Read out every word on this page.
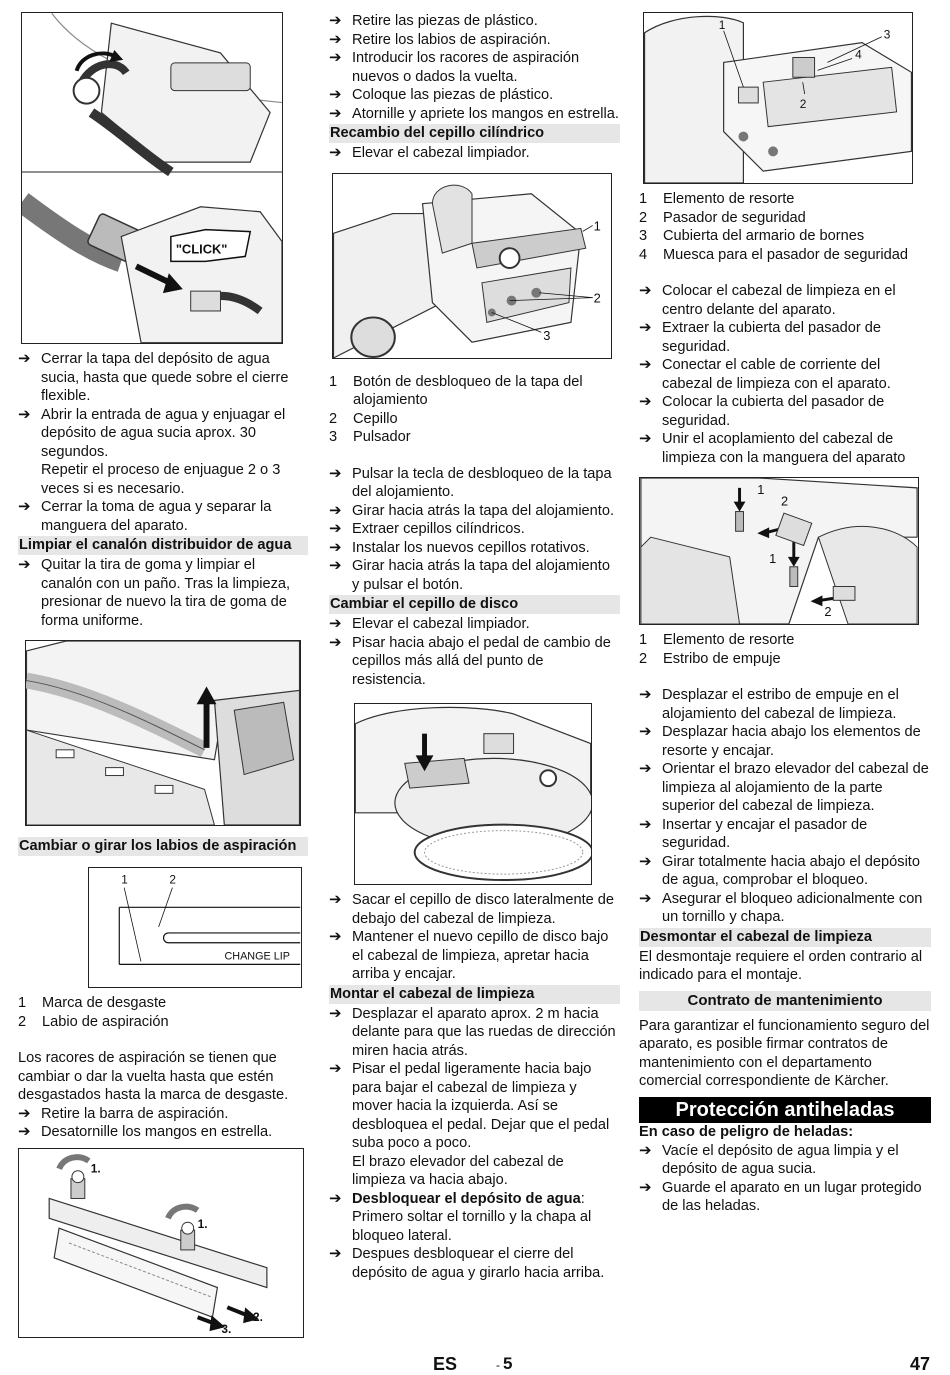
"CLICK"
➔ Cerrar la tapa del depósito de agua sucia, hasta que quede sobre el cierre flexible.
➔ Abrir la entrada de agua y enjuagar el depósito de agua sucia aprox. 30 segundos.
Repetir el proceso de enjuague 2 o 3 veces si es necesario.
➔ Cerrar la toma de agua y separar la manguera del aparato.
Limpiar el canalón distribuidor de agua
➔ Quitar la tira de goma y limpiar el canalón con un paño. Tras la limpieza, presionar de nuevo la tira de goma de forma uniforme.
Cambiar o girar los labios de aspiración
1	2
CHANGE LIP
1 Marca de desgaste
2 Labio de aspiración
Los racores de aspiración se tienen que cambiar o dar la vuelta hasta que estén desgastados hasta la marca de desgaste.
➔ Retire la barra de aspiración.
➔ Desatornille los mangos en estrella.
1.
1.
2.
3.
➔ Retire las piezas de plástico.
➔ Retire los labios de aspiración.
➔ Introducir los racores de aspiración nuevos o dados la vuelta.
➔ Coloque las piezas de plástico.
➔ Atornille y apriete los mangos en estrella.
Recambio del cepillo cilíndrico
➔ Elevar el cabezal limpiador.
1
2
3
1 Botón de desbloqueo de la tapa del alojamiento
2 Cepillo
3 Pulsador
➔ Pulsar la tecla de desbloqueo de la tapa del alojamiento.
➔ Girar hacia atrás la tapa del alojamiento.
➔ Extraer cepillos cilíndricos.
➔ Instalar los nuevos cepillos rotativos.
➔ Girar hacia atrás la tapa del alojamiento y pulsar el botón.
Cambiar el cepillo de disco
➔ Elevar el cabezal limpiador.
➔ Pisar hacia abajo el pedal de cambio de cepillos más allá del punto de resistencia.
➔ Sacar el cepillo de disco lateralmente de debajo del cabezal de limpieza.
➔ Mantener el nuevo cepillo de disco bajo el cabezal de limpieza, apretar hacia arriba y encajar.
Montar el cabezal de limpieza
➔ Desplazar el aparato aprox. 2 m hacia delante para que las ruedas de dirección miren hacia atrás.
➔ Pisar el pedal ligeramente hacia bajo para bajar el cabezal de limpieza y mover hacia la izquierda. Así se desbloquea el pedal. Dejar que el pedal suba poco a poco.
El brazo elevador del cabezal de limpieza va hacia abajo.
➔ Desbloquear el depósito de agua: Primero soltar el tornillo y la chapa al bloqueo lateral.
➔ Despues desbloquear el cierre del depósito de agua y girarlo hacia arriba.
1
3
4
2
1 Elemento de resorte
2 Pasador de seguridad
3 Cubierta del armario de bornes
4 Muesca para el pasador de seguridad
➔ Colocar el cabezal de limpieza en el centro delante del aparato.
➔ Extraer la cubierta del pasador de seguridad.
➔ Conectar el cable de corriente del cabezal de limpieza con el aparato.
➔ Colocar la cubierta del pasador de seguridad.
➔ Unir el acoplamiento del cabezal de limpieza con la manguera del aparato
1
2
1
2
1 Elemento de resorte
2 Estribo de empuje
➔ Desplazar el estribo de empuje en el alojamiento del cabezal de limpieza.
➔ Desplazar hacia abajo los elementos de resorte y encajar.
➔ Orientar el brazo elevador del cabezal de limpieza al alojamiento de la parte superior del cabezal de limpieza.
➔ Insertar y encajar el pasador de seguridad.
➔ Girar totalmente hacia abajo el depósito de agua, comprobar el bloqueo.
➔ Asegurar el bloqueo adicionalmente con un tornillo y chapa.
Desmontar el cabezal de limpieza
El desmontaje requiere el orden contrario al indicado para el montaje.
Contrato de mantenimiento
Para garantizar el funcionamiento seguro del aparato, es posible firmar contratos de mantenimiento con el departamento comercial correspondiente de Kärcher.
Protección antiheladas
En caso de peligro de heladas:
➔ Vacíe el depósito de agua limpia y el depósito de agua sucia.
➔ Guarde el aparato en un lugar protegido de las heladas.
ES	- 5	47
